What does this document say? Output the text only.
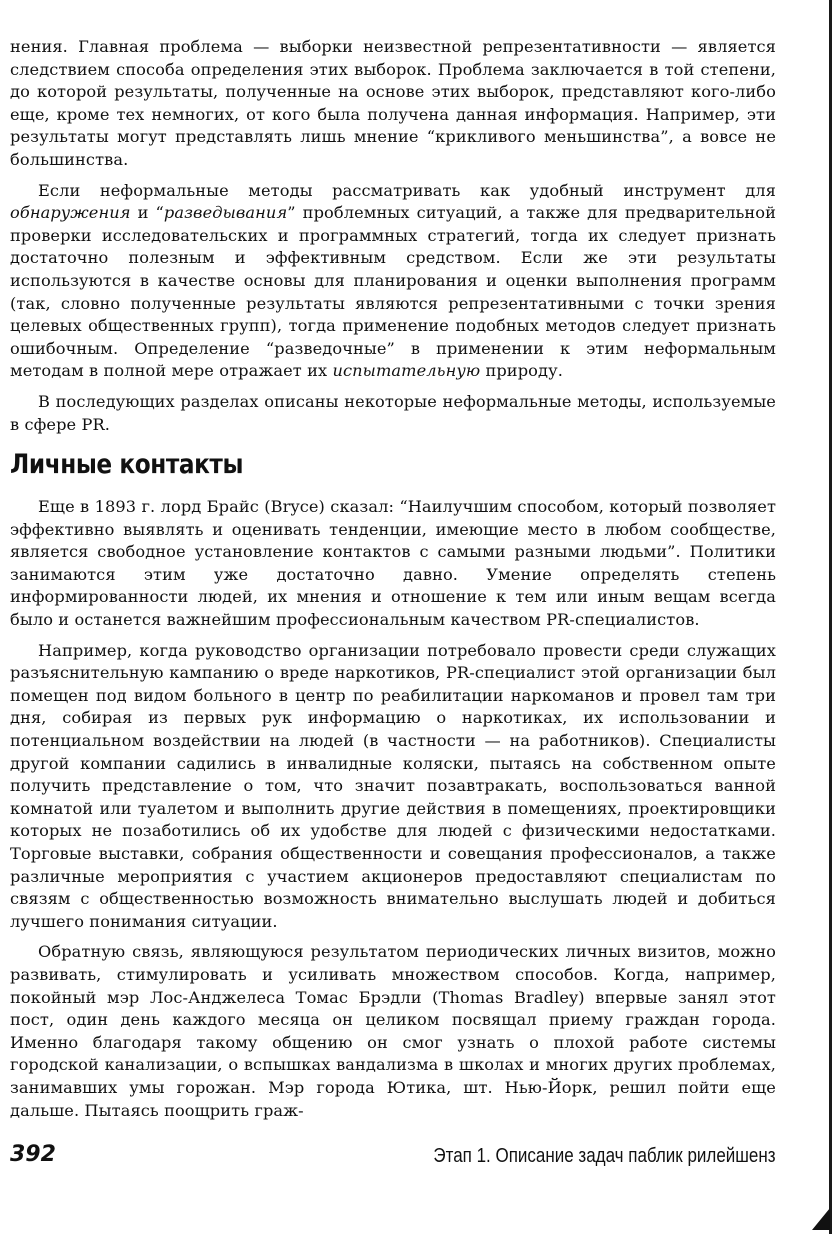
нения. Главная проблема — выборки неизвестной репрезентативности — является следствием способа определения этих выборок. Проблема заключается в той степени, до которой результаты, полученные на основе этих выборок, представляют кого-либо еще, кроме тех немногих, от кого была получена данная информация. Например, эти результаты могут представлять лишь мнение “крикливого меньшинства”, а вовсе не большинства.

Если неформальные методы рассматривать как удобный инструмент для обнаружения и “разведывания” проблемных ситуаций, а также для предварительной проверки исследовательских и программных стратегий, тогда их следует признать достаточно полезным и эффективным средством. Если же эти результаты используются в качестве основы для планирования и оценки выполнения программ (так, словно полученные результаты являются репрезентативными с точки зрения целевых общественных групп), тогда применение подобных методов следует признать ошибочным. Определение “разведочные” в применении к этим неформальным методам в полной мере отражает их испытательную природу.

В последующих разделах описаны некоторые неформальные методы, используемые в сфере PR.

Личные контакты

Еще в 1893 г. лорд Брайс (Bryce) сказал: “Наилучшим способом, который позволяет эффективно выявлять и оценивать тенденции, имеющие место в любом сообществе, является свободное установление контактов с самыми разными людьми”. Политики занимаются этим уже достаточно давно. Умение определять степень информированности людей, их мнения и отношение к тем или иным вещам всегда было и останется важнейшим профессиональным качеством PR-специалистов.

Например, когда руководство организации потребовало провести среди служащих разъяснительную кампанию о вреде наркотиков, PR-специалист этой организации был помещен под видом больного в центр по реабилитации наркоманов и провел там три дня, собирая из первых рук информацию о наркотиках, их использовании и потенциальном воздействии на людей (в частности — на работников). Специалисты другой компании садились в инвалидные коляски, пытаясь на собственном опыте получить представление о том, что значит позавтракать, воспользоваться ванной комнатой или туалетом и выполнить другие действия в помещениях, проектировщики которых не позаботились об их удобстве для людей с физическими недостатками. Торговые выставки, собрания общественности и совещания профессионалов, а также различные мероприятия с участием акционеров предоставляют специалистам по связям с общественностью возможность внимательно выслушать людей и добиться лучшего понимания ситуации.

Обратную связь, являющуюся результатом периодических личных визитов, можно развивать, стимулировать и усиливать множеством способов. Когда, например, покойный мэр Лос-Анджелеса Томас Брэдли (Thomas Bradley) впервые занял этот пост, один день каждого месяца он целиком посвящал приему граждан города. Именно благодаря такому общению он смог узнать о плохой работе системы городской канализации, о вспышках вандализма в школах и многих других проблемах, занимавших умы горожан. Мэр города Ютика, шт. Нью-Йорк, решил пойти еще дальше. Пытаясь поощрить граж-

392	Этап 1. Описание задач паблик рилейшенз
